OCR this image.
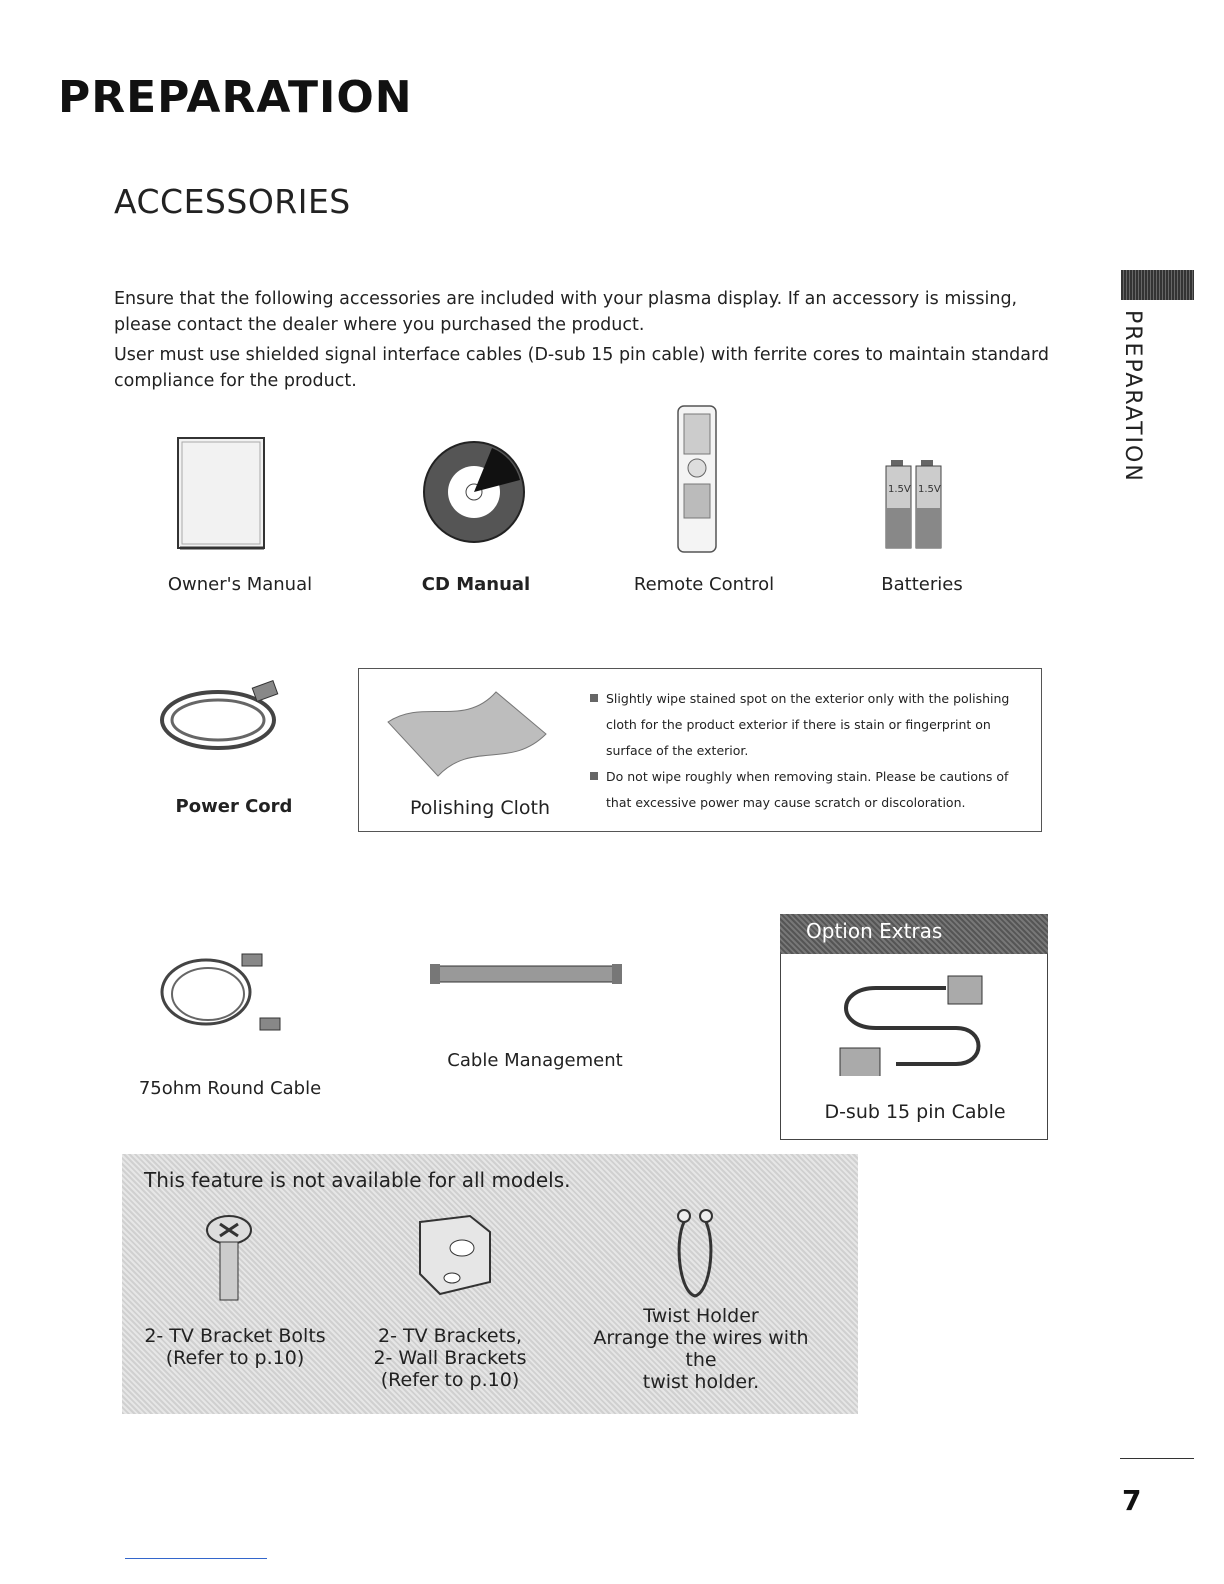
PREPARATION
ACCESSORIES

Ensure that the following accessories are included with your plasma display. If an accessory is missing, please contact the dealer where you purchased the product.

User must use shielded signal interface cables (D-sub 15 pin cable) with ferrite cores to maintain standard compliance for the product.	PREPARATION
1.5V 1.5V
Owner's Manual	CD Manual	Remote Control	Batteries
Power Cord	Polishing Cloth

Slightly wipe stained spot on the exterior only with the polishing
cloth for the product exterior if there is stain or fingerprint on
surface of the exterior.

Do not wipe roughly when removing stain. Please be cautions of
that excessive power may cause scratch or discoloration.

75ohm Round Cable
Cable Management
Option Extras
D-sub 15 pin Cable
This feature is not available for all models.
2- TV Bracket Bolts
(Refer to p.10)
2- TV Brackets,
2- Wall Brackets
(Refer to p.10)
Twist Holder
Arrange the wires with the
twist holder.
7
